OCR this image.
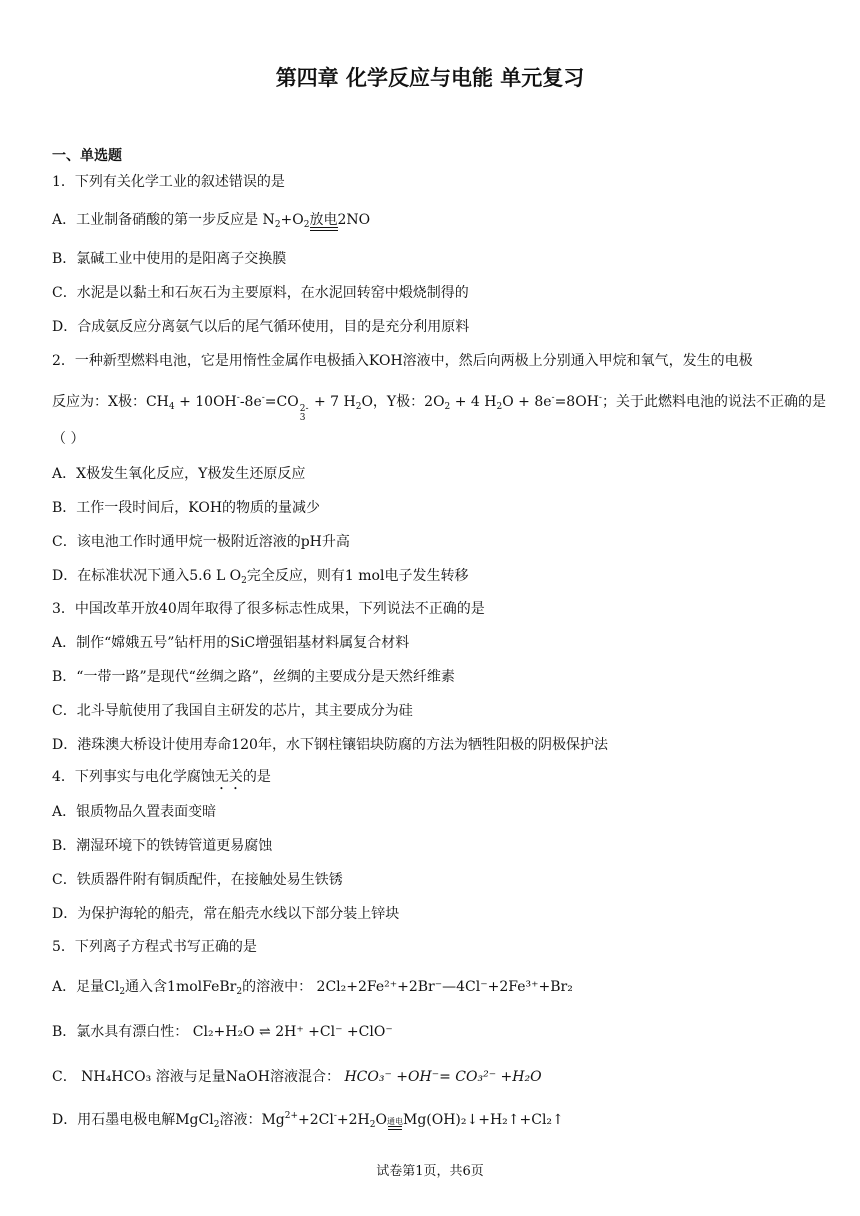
第四章 化学反应与电能 单元复习
一、单选题
1．下列有关化学工业的叙述错误的是
A．工业制备硝酸的第一步反应是 $N_2+O_2$ 放电 2NO
B．氯碱工业中使用的是阳离子交换膜
C．水泥是以黏土和石灰石为主要原料，在水泥回转窑中煅烧制得的
D．合成氨反应分离氨气以后的尾气循环使用，目的是充分利用原料
2．一种新型燃料电池，它是用惰性金属作电极插入KOH溶液中，然后向两极上分别通入甲烷和氧气，发生的电极
反应为：X极：$CH_4 + 10OH^--8e^-=CO$ 2-
3
+ 7 $H_2O$，Y极：$2O_2 + 4$ $H_2O + 8e^-=8OH^-$；关于此燃料电池的说法不正确的是
（ ）
A．X极发生氧化反应，Y极发生还原反应
B．工作一段时间后，KOH的物质的量减少
C．该电池工作时通甲烷一极附近溶液的pH升高
D．在标准状况下通入5.6 L $O_2$完全反应，则有1 mol电子发生转移
3．中国改革开放40周年取得了很多标志性成果，下列说法不正确的是
A．制作“嫦娥五号”钻杆用的SiC增强铝基材料属复合材料
B．“一带一路”是现代“丝绸之路”，丝绸的主要成分是天然纤维素
C．北斗导航使用了我国自主研发的芯片，其主要成分为硅
D．港珠澳大桥设计使用寿命120年，水下钢柱镶铝块防腐的方法为牺牲阳极的阴极保护法
4．下列事实与电化学腐蚀无关的是
A．银质物品久置表面变暗
B．潮湿环境下的铁铸管道更易腐蚀
C．铁质器件附有铜质配件，在接触处易生铁锈
D．为保护海轮的船壳，常在船壳水线以下部分装上锌块
5．下列离子方程式书写正确的是
A．足量$Cl_2$通入含1molFeBr$_2$的溶液中： 2Cl₂+2Fe²⁺+2Br⁻—4Cl⁻+2Fe³⁺+Br₂
B．氯水具有漂白性： Cl₂+H₂O ⇌ 2H⁺ +Cl⁻ +ClO⁻
C． NH₄HCO₃ 溶液与足量NaOH溶液混合： HCO₃⁻ +OH⁻= CO₃²⁻ +H₂O
D．用石墨电极电解MgCl$_2$溶液：$Mg^{2+}+2Cl^-+2H_2O$ 通电 Mg(OH)₂↓+H₂↑+Cl₂↑
试卷第1页，共6页
